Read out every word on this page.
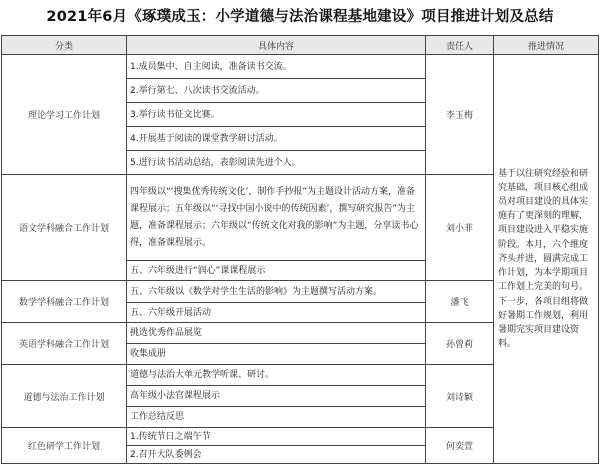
2021年6月《琢璞成玉：小学道德与法治课程基地建设》项目推进计划及总结
分类	具体内容	责任人	推进情况
理论学习工作计划	1.成员集中、自主阅读，准备读书交流。	李玉梅	基于以往研究经验和研究基础，项目核心组成员对项目建设的具体实施有了更深刻的理解，项目建设进入平稳实施阶段。本月，六个维度齐头并进，圆满完成工作计划，为本学期项目工作划上完美的句号。下一步，各项目组将做好暑期工作规划，利用暑期完实项目建设资料。
	2.举行第七、八次读书交流活动。		
	3.举行读书征文比赛。		
	4.开展基于阅读的课堂教学研讨活动。		
	5.进行读书活动总结，表彰阅读先进个人。		
语文学科融合工作计划	四年级以“‘搜集优秀传统文化’，制作手抄报”为主题设计活动方案，准备课程展示；五年级以“‘寻找中国小说中的传统因素’，撰写研究报告”为主题，准备课程展示；六年级以“传统文化对我的影响”为主题，分享读书心得，准备课程展示。	刘小菲	
	五、六年级进行“润心”课课程展示		
数学学科融合工作计划	五、六年级以《数学对学生生活的影响》为主题撰写活动方案。	潘飞	
	五、六年级开展活动		
英语学科融合工作计划	挑选优秀作品展览	孙曾莉	
	收集成册		
道德与法治工作计划	道德与法治大单元教学听课、研讨。	刘诗颖	
	高年级小法官课程展示		
	工作总结反思		
红色研学工作计划	1.传统节日之端午节	何奕萱	
	2.召开大队委例会		
